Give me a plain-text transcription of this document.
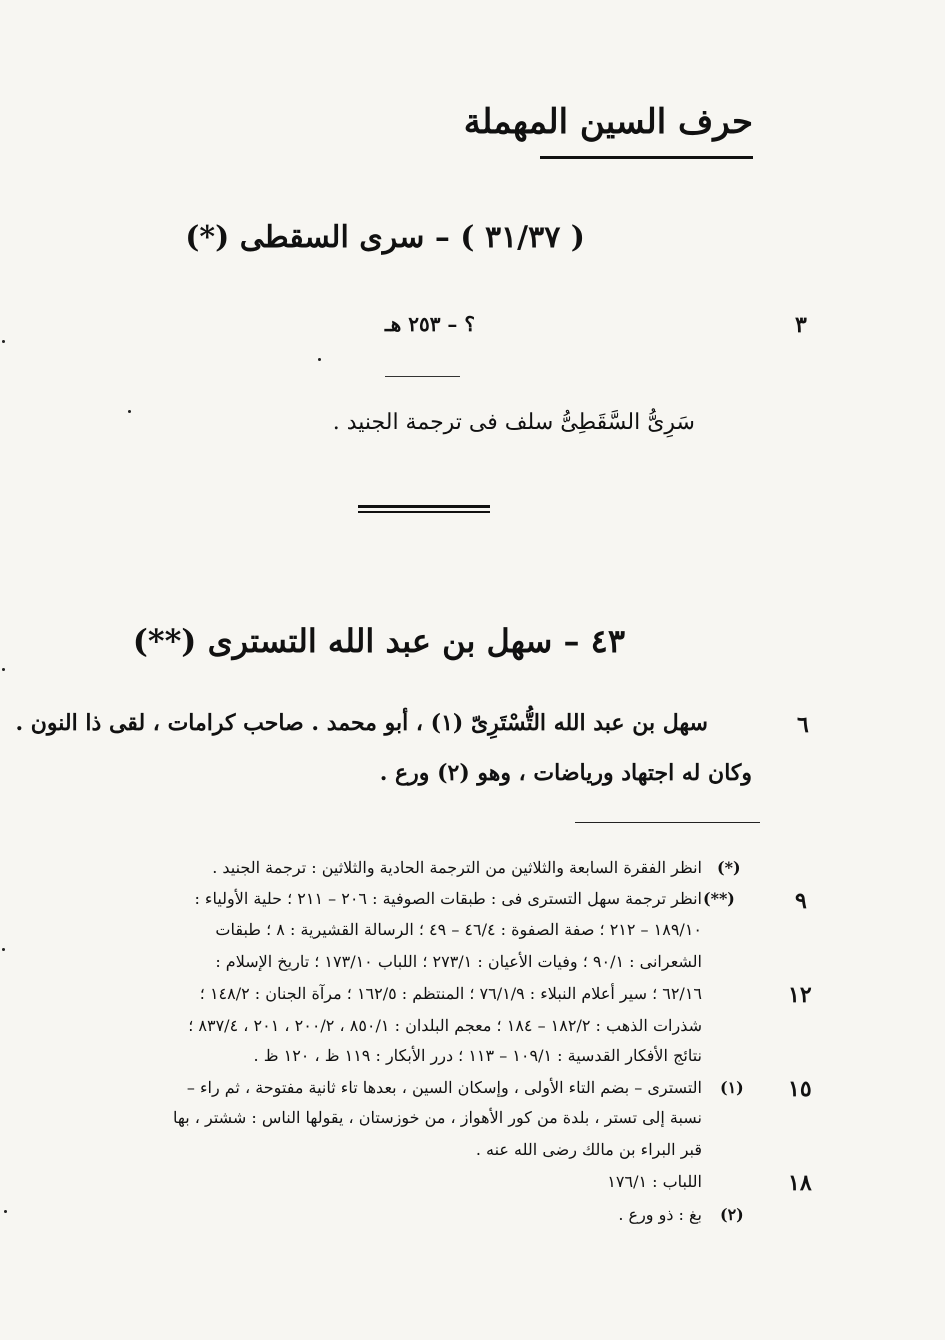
حرف السين المهملة
( ٣١/٣٧ ) – سرى السقطى (*)
؟ – ٢٥٣ هـ	٣
سَرِىُّ السَّقَطِىُّ سلف فى ترجمة الجنيد .
٤٣ – سهل بن عبد الله التسترى (**)
٦
سهل بن عبد الله التُّسْتَرِىّ (١) ، أبو محمد . صاحب كرامات ، لقى ذا النون .
وكان له اجتهاد ورياضات ، وهو (٢) ورع .
(*)
انظر الفقرة السابعة والثلاثين من الترجمة الحادية والثلاثين : ترجمة الجنيد .
٩
(**)
انظر ترجمة سهل التسترى فى : طبقات الصوفية : ٢٠٦ – ٢١١ ؛ حلية الأولياء :
١٨٩/١٠ – ٢١٢ ؛ صفة الصفوة : ٤٦/٤ – ٤٩ ؛ الرسالة القشيرية : ٨ ؛ طبقات
الشعرانى : ٩٠/١ ؛ وفيات الأعيان : ٢٧٣/١ ؛ اللباب ١٧٣/١٠ ؛ تاريخ الإسلام :
١٢
٦٢/١٦ ؛ سير أعلام النبلاء : ٧٦/١/٩ ؛ المنتظم : ١٦٢/٥ ؛ مرآة الجنان : ١٤٨/٢ ؛
شذرات الذهب : ١٨٢/٢ – ١٨٤ ؛ معجم البلدان : ٨٥٠/١ ، ٢٠٠/٢ ، ٢٠١ ، ٨٣٧/٤ ؛
نتائج الأفكار القدسية : ١٠٩/١ – ١١٣ ؛ درر الأبكار : ١١٩ ظ ، ١٢٠ ظ .
١٥
(١)
التسترى – بضم التاء الأولى ، وإسكان السين ، بعدها تاء ثانية مفتوحة ، ثم راء –
نسبة إلى تستر ، بلدة من كور الأهواز ، من خوزستان ، يقولها الناس : ششتر ، بها
قبر البراء بن مالك رضى الله عنه .
١٨
اللباب : ١٧٦/١
(٢)
بغ : ذو ورع .
